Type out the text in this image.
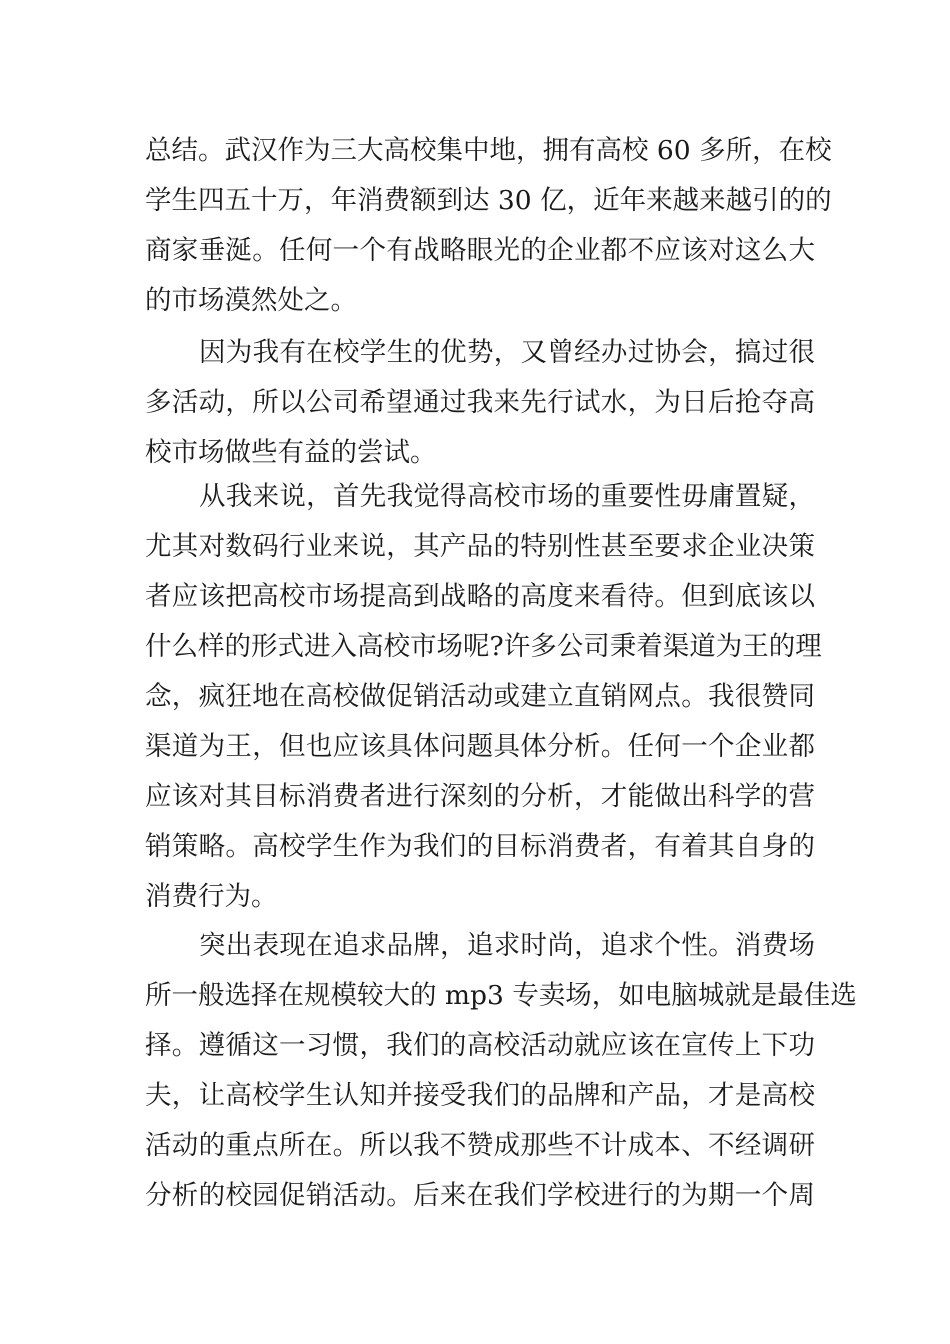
总结。武汉作为三大高校集中地，拥有高校 60 多所，在校
学生四五十万，年消费额到达 30 亿，近年来越来越引的的
商家垂涎。任何一个有战略眼光的企业都不应该对这么大
的市场漠然处之。
因为我有在校学生的优势，又曾经办过协会，搞过很
多活动，所以公司希望通过我来先行试水，为日后抢夺高
校市场做些有益的尝试。
从我来说，首先我觉得高校市场的重要性毋庸置疑，
尤其对数码行业来说，其产品的特别性甚至要求企业决策
者应该把高校市场提高到战略的高度来看待。但到底该以
什么样的形式进入高校市场呢?许多公司秉着渠道为王的理
念，疯狂地在高校做促销活动或建立直销网点。我很赞同
渠道为王，但也应该具体问题具体分析。任何一个企业都
应该对其目标消费者进行深刻的分析，才能做出科学的营
销策略。高校学生作为我们的目标消费者，有着其自身的
消费行为。
突出表现在追求品牌，追求时尚，追求个性。消费场
所一般选择在规模较大的 mp3 专卖场，如电脑城就是最佳选
择。遵循这一习惯，我们的高校活动就应该在宣传上下功
夫，让高校学生认知并接受我们的品牌和产品，才是高校
活动的重点所在。所以我不赞成那些不计成本、不经调研
分析的校园促销活动。后来在我们学校进行的为期一个周
